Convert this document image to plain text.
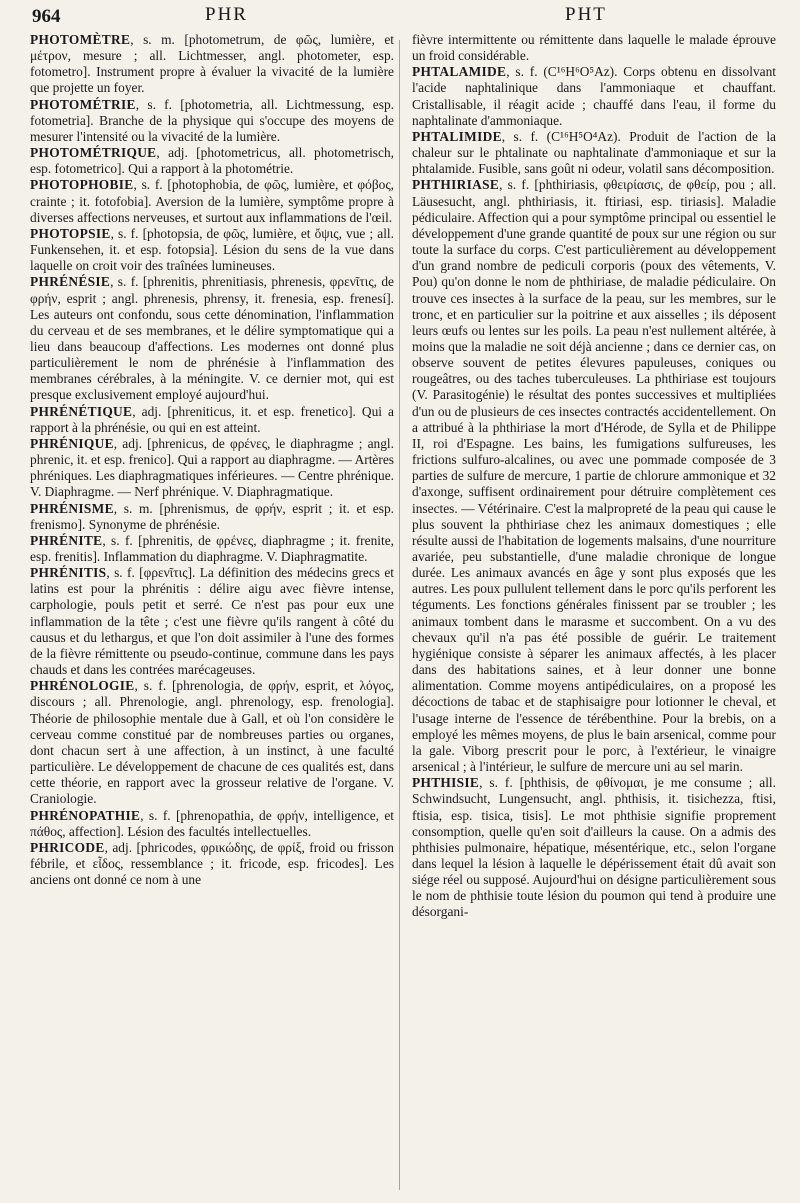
964	PHR	PHT

PHOTOMÈTRE, s. m. [photometrum, de φῶς, lumière, et μέτρον, mesure ; all. Lichtmesser, angl. photometer, esp. fotometro]. Instrument propre à évaluer la vivacité de la lumière que projette un foyer.

PHOTOMÉTRIE, s. f. [photometria, all. Lichtmessung, esp. fotometria]. Branche de la physique qui s'occupe des moyens de mesurer l'intensité ou la vivacité de la lumière.

PHOTOMÉTRIQUE, adj. [photometricus, all. photometrisch, esp. fotometrico]. Qui a rapport à la photométrie.

PHOTOPHOBIE, s. f. [photophobia, de φῶς, lumière, et φόβος, crainte ; it. fotofobia]. Aversion de la lumière, symptôme propre à diverses affections nerveuses, et surtout aux inflammations de l'œil.

PHOTOPSIE, s. f. [photopsia, de φῶς, lumière, et ὄψις, vue ; all. Funkensehen, it. et esp. fotopsia]. Lésion du sens de la vue dans laquelle on croit voir des traînées lumineuses.

PHRÉNÉSIE, s. f. [phrenitis, phrenitiasis, phrenesis, φρενῖτις, de φρήν, esprit ; angl. phrenesis, phrensy, it. frenesia, esp. frenesí]. Les auteurs ont confondu, sous cette dénomination, l'inflammation du cerveau et de ses membranes, et le délire symptomatique qui a lieu dans beaucoup d'affections. Les modernes ont donné plus particulièrement le nom de phrénésie à l'inflammation des membranes cérébrales, à la méningite. V. ce dernier mot, qui est presque exclusivement employé aujourd'hui.

PHRÉNÉTIQUE, adj. [phreniticus, it. et esp. frenetico]. Qui a rapport à la phrénésie, ou qui en est atteint.

PHRÉNIQUE, adj. [phrenicus, de φρένες, le diaphragme ; angl. phrenic, it. et esp. frenico]. Qui a rapport au diaphragme. — Artères phréniques. Les diaphragmatiques inférieures. — Centre phrénique. V. Diaphragme. — Nerf phrénique. V. Diaphragmatique.

PHRÉNISME, s. m. [phrenismus, de φρήν, esprit ; it. et esp. frenismo]. Synonyme de phrénésie.

PHRÉNITE, s. f. [phrenitis, de φρένες, diaphragme ; it. frenite, esp. frenitis]. Inflammation du diaphragme. V. Diaphragmatite.

PHRÉNITIS, s. f. [φρενῖτις]. La définition des médecins grecs et latins est pour la phrénitis : délire aigu avec fièvre intense, carphologie, pouls petit et serré. Ce n'est pas pour eux une inflammation de la tête ; c'est une fièvre qu'ils rangent à côté du causus et du lethargus, et que l'on doit assimiler à l'une des formes de la fièvre rémittente ou pseudo-continue, commune dans les pays chauds et dans les contrées marécageuses.

PHRÉNOLOGIE, s. f. [phrenologia, de φρήν, esprit, et λόγος, discours ; all. Phrenologie, angl. phrenology, esp. frenologia]. Théorie de philosophie mentale due à Gall, et où l'on considère le cerveau comme constitué par de nombreuses parties ou organes, dont chacun sert à une affection, à un instinct, à une faculté particulière. Le développement de chacune de ces qualités est, dans cette théorie, en rapport avec la grosseur relative de l'organe. V. Craniologie.

PHRÉNOPATHIE, s. f. [phrenopathia, de φρήν, intelligence, et πάθος, affection]. Lésion des facultés intellectuelles.

PHRICODE, adj. [phricodes, φρικώδης, de φρίξ, froid ou frisson fébrile, et εἶδος, ressemblance ; it. fricode, esp. fricodes]. Les anciens ont donné ce nom à une

fièvre intermittente ou rémittente dans laquelle le malade éprouve un froid considérable.

PHTALAMIDE, s. f. (C¹⁶H⁶O⁵Az). Corps obtenu en dissolvant l'acide naphtalinique dans l'ammoniaque et chauffant. Cristallisable, il réagit acide ; chauffé dans l'eau, il forme du naphtalinate d'ammoniaque.

PHTALIMIDE, s. f. (C¹⁶H⁵O⁴Az). Produit de l'action de la chaleur sur le phtalinate ou naphtalinate d'ammoniaque et sur la phtalamide. Fusible, sans goût ni odeur, volatil sans décomposition.

PHTHIRIASE, s. f. [phthiriasis, φθειρίασις, de φθείρ, pou ; all. Läusesucht, angl. phthiriasis, it. ftiriasi, esp. tiriasis]. Maladie pédiculaire. Affection qui a pour symptôme principal ou essentiel le développement d'une grande quantité de poux sur une région ou sur toute la surface du corps. C'est particulièrement au développement d'un grand nombre de pediculi corporis (poux des vêtements, V. Pou) qu'on donne le nom de phthiriase, de maladie pédiculaire. On trouve ces insectes à la surface de la peau, sur les membres, sur le tronc, et en particulier sur la poitrine et aux aisselles ; ils déposent leurs œufs ou lentes sur les poils. La peau n'est nullement altérée, à moins que la maladie ne soit déjà ancienne ; dans ce dernier cas, on observe souvent de petites élevures papuleuses, coniques ou rougeâtres, ou des taches tuberculeuses. La phthiriase est toujours (V. Parasitogénie) le résultat des pontes successives et multipliées d'un ou de plusieurs de ces insectes contractés accidentellement. On a attribué à la phthiriase la mort d'Hérode, de Sylla et de Philippe II, roi d'Espagne. Les bains, les fumigations sulfureuses, les frictions sulfuro-alcalines, ou avec une pommade composée de 3 parties de sulfure de mercure, 1 partie de chlorure ammonique et 32 d'axonge, suffisent ordinairement pour détruire complètement ces insectes. — Vétérinaire. C'est la malpropreté de la peau qui cause le plus souvent la phthiriase chez les animaux domestiques ; elle résulte aussi de l'habitation de logements malsains, d'une nourriture avariée, peu substantielle, d'une maladie chronique de longue durée. Les animaux avancés en âge y sont plus exposés que les autres. Les poux pullulent tellement dans le porc qu'ils perforent les téguments. Les fonctions générales finissent par se troubler ; les animaux tombent dans le marasme et succombent. On a vu des chevaux qu'il n'a pas été possible de guérir. Le traitement hygiénique consiste à séparer les animaux affectés, à les placer dans des habitations saines, et à leur donner une bonne alimentation. Comme moyens antipédiculaires, on a proposé les décoctions de tabac et de staphisaigre pour lotionner le cheval, et l'usage interne de l'essence de térébenthine. Pour la brebis, on a employé les mêmes moyens, de plus le bain arsenical, comme pour la gale. Viborg prescrit pour le porc, à l'extérieur, le vinaigre arsenical ; à l'intérieur, le sulfure de mercure uni au sel marin.

PHTHISIE, s. f. [phthisis, de φθίνομαι, je me consume ; all. Schwindsucht, Lungensucht, angl. phthisis, it. tisichezza, ftisi, ftisia, esp. tisica, tisis]. Le mot phthisie signifie proprement consomption, quelle qu'en soit d'ailleurs la cause. On a admis des phthisies pulmonaire, hépatique, mésentérique, etc., selon l'organe dans lequel la lésion à laquelle le dépérissement était dû avait son siége réel ou supposé. Aujourd'hui on désigne particulièrement sous le nom de phthisie toute lésion du poumon qui tend à produire une désorgani-
